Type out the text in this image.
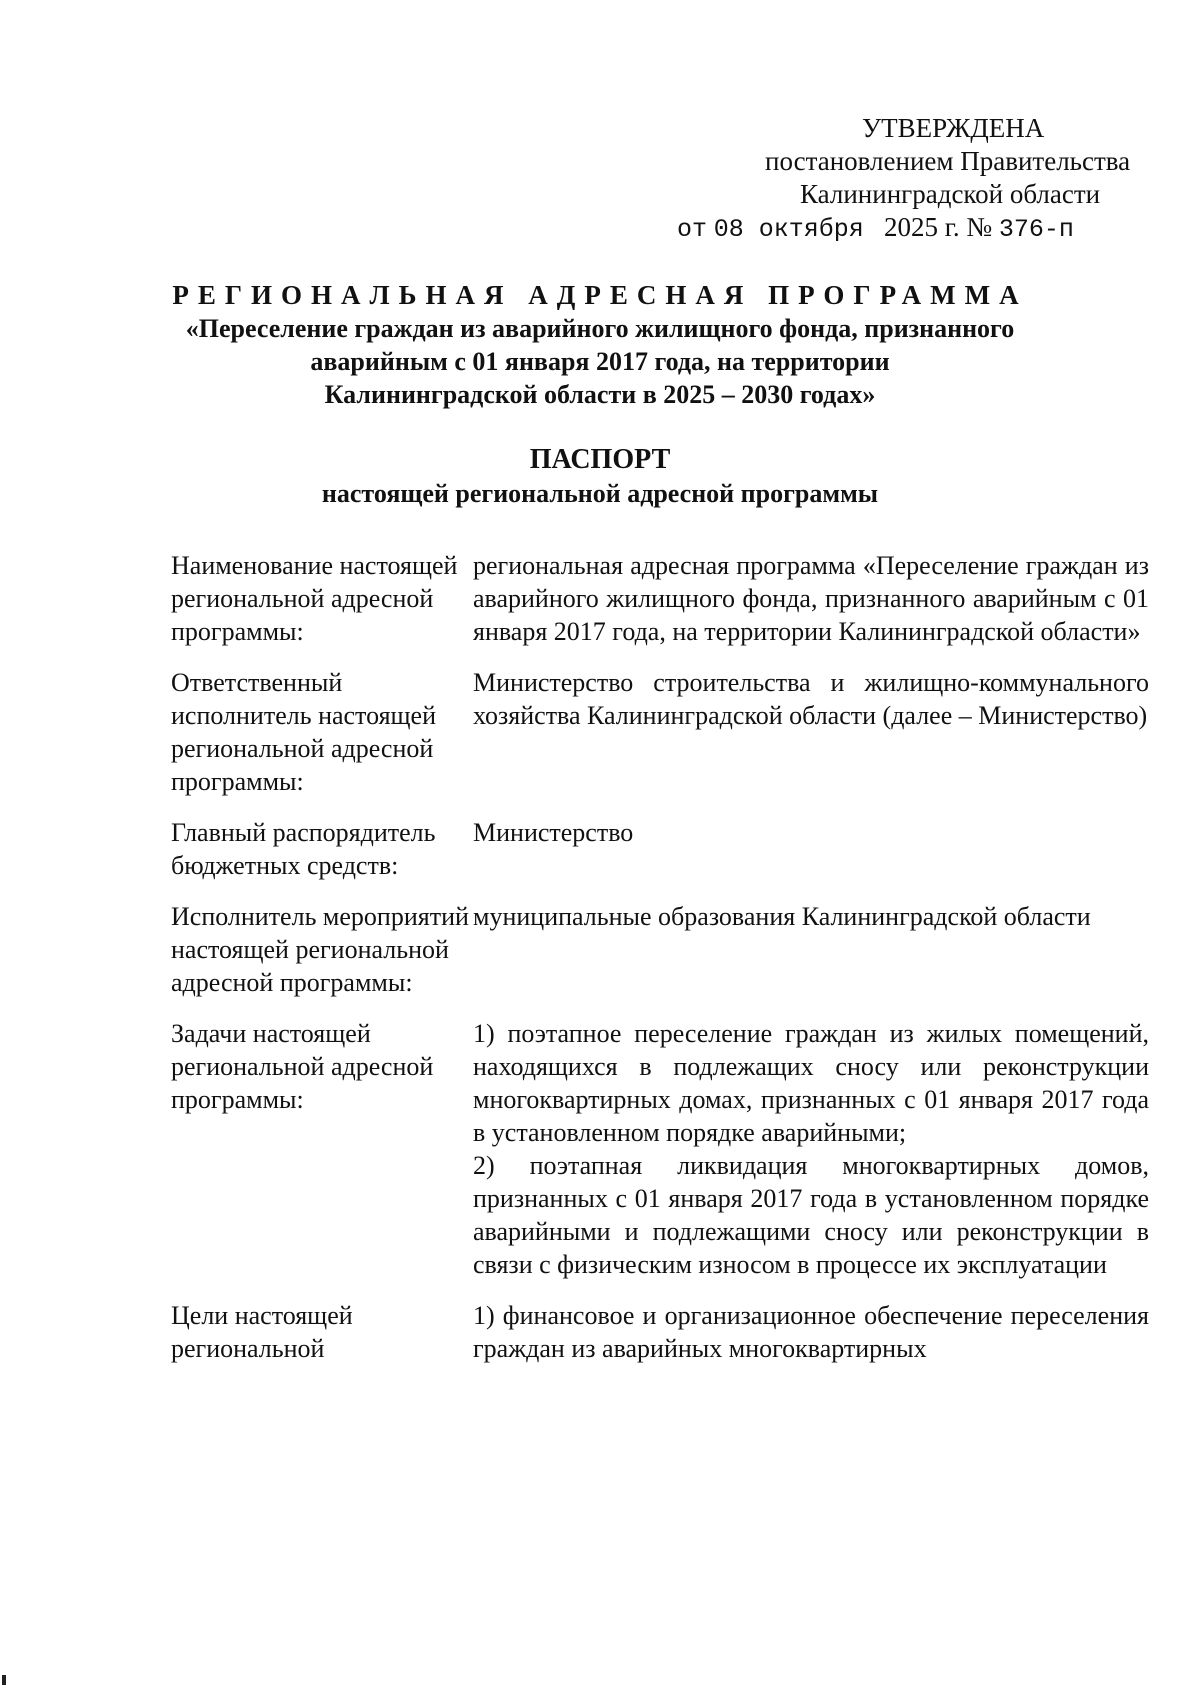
УТВЕРЖДЕНА
постановлением Правительства
Калининградской области
от 08 октября 2025 г. № 376-п
РЕГИОНАЛЬНАЯ АДРЕСНАЯ ПРОГРАММА
«Переселение граждан из аварийного жилищного фонда, признанного
аварийным с 01 января 2017 года, на территории
Калининградской области в 2025 – 2030 годах»
ПАСПОРТ
настоящей региональной адресной программы
Наименование настоящей региональной адресной программы:
региональная адресная программа «Переселение граждан из аварийного жилищного фонда, признанного аварийным с 01 января 2017 года, на территории Калининградской области»
Ответственный исполнитель настоящей региональной адресной программы:
Министерство строительства и жилищно-коммунального хозяйства Калининградской области (далее – Министерство)
Главный распорядитель бюджетных средств:
Министерство
Исполнитель мероприятий настоящей региональной адресной программы:
муниципальные образования Калининградской области
Задачи настоящей региональной адресной программы:

1) поэтапное переселение граждан из жилых помещений, находящихся в подлежащих сносу или реконструкции многоквартирных домах, признанных с 01 января 2017 года в установленном порядке аварийными;

2) поэтапная ликвидация многоквартирных домов, признанных с 01 января 2017 года в установленном порядке аварийными и подлежащими сносу или реконструкции в связи с физическим износом в процессе их эксплуатации

Цели настоящей региональной
1) финансовое и организационное обеспечение переселения граждан из аварийных многоквартирных
